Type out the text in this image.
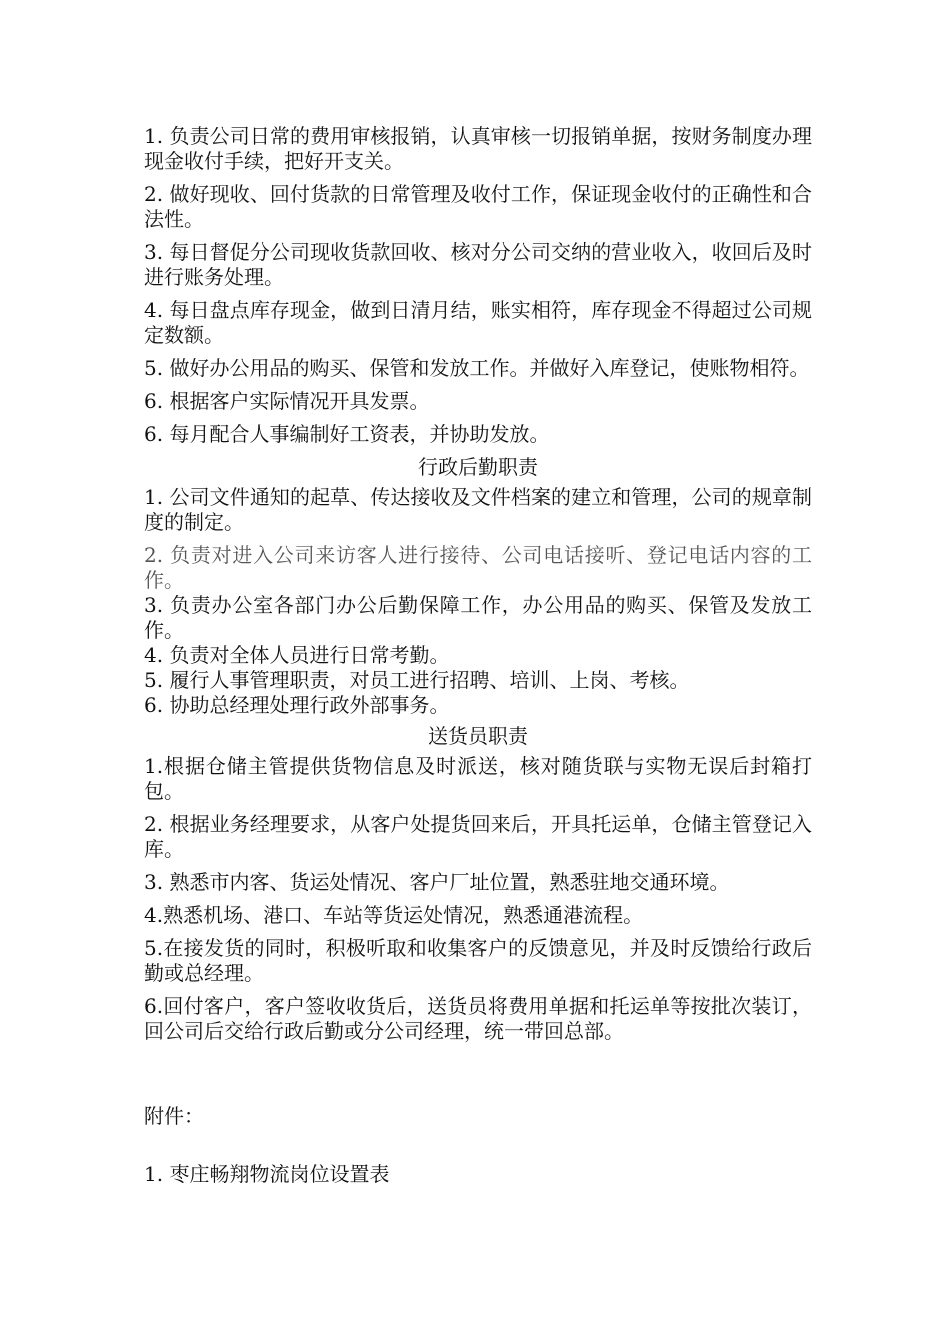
1. 负责公司日常的费用审核报销，认真审核一切报销单据，按财务制度办理现金收付手续，把好开支关。

2. 做好现收、回付货款的日常管理及收付工作，保证现金收付的正确性和合法性。

3. 每日督促分公司现收货款回收、核对分公司交纳的营业收入，收回后及时进行账务处理。

4. 每日盘点库存现金，做到日清月结，账实相符，库存现金不得超过公司规定数额。

5. 做好办公用品的购买、保管和发放工作。并做好入库登记，使账物相符。

6. 根据客户实际情况开具发票。

6. 每月配合人事编制好工资表，并协助发放。

行政后勤职责

1. 公司文件通知的起草、传达接收及文件档案的建立和管理，公司的规章制度的制定。

2. 负责对进入公司来访客人进行接待、公司电话接听、登记电话内容的工作。

3. 负责办公室各部门办公后勤保障工作，办公用品的购买、保管及发放工作。

4. 负责对全体人员进行日常考勤。

5. 履行人事管理职责，对员工进行招聘、培训、上岗、考核。

6. 协助总经理处理行政外部事务。

送货员职责

1.根据仓储主管提供货物信息及时派送，核对随货联与实物无误后封箱打包。

2. 根据业务经理要求，从客户处提货回来后，开具托运单，仓储主管登记入库。

3. 熟悉市内客、货运处情况、客户厂址位置，熟悉驻地交通环境。

4.熟悉机场、港口、车站等货运处情况，熟悉通港流程。

5.在接发货的同时，积极听取和收集客户的反馈意见，并及时反馈给行政后勤或总经理。

6.回付客户，客户签收收货后，送货员将费用单据和托运单等按批次装订，回公司后交给行政后勤或分公司经理，统一带回总部。

附件：
1. 枣庄畅翔物流岗位设置表
